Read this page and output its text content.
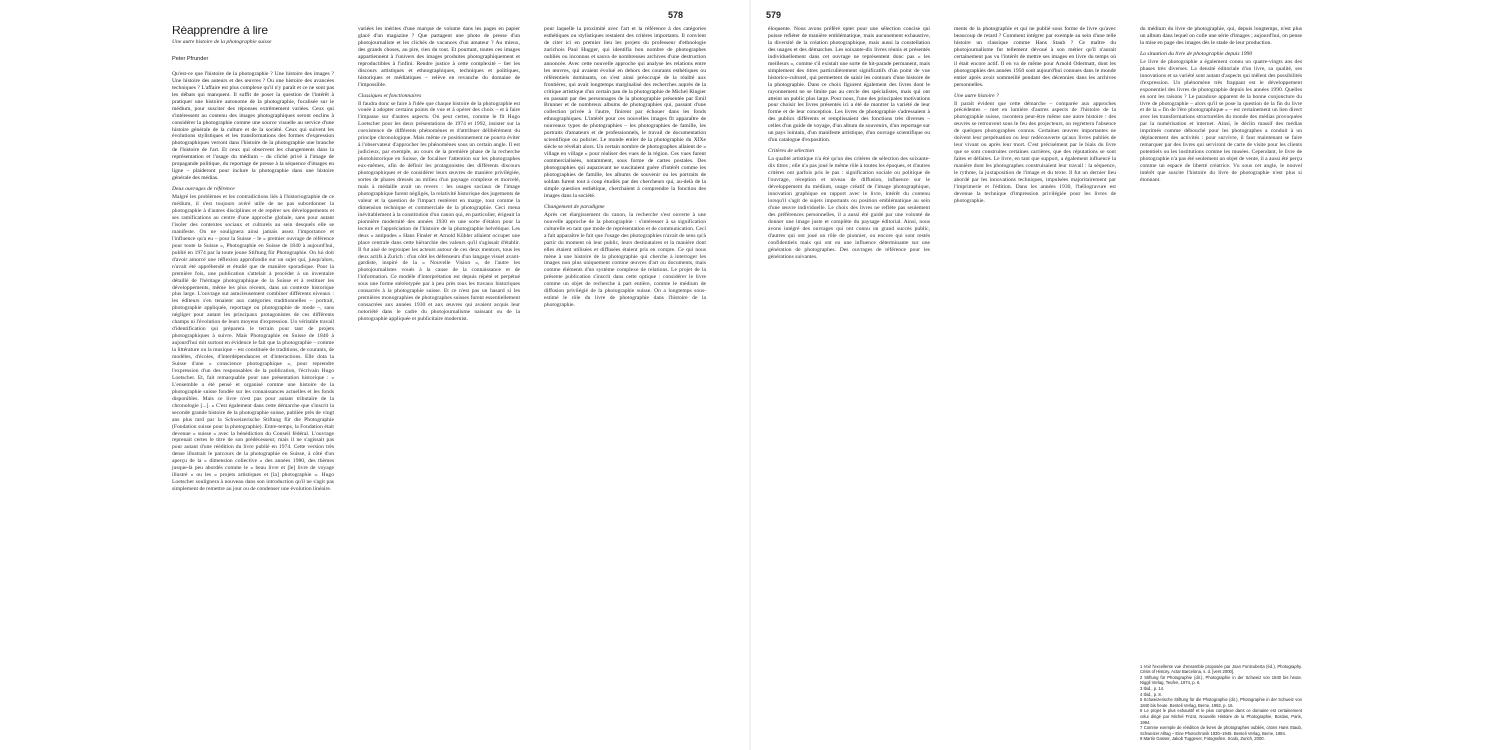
578	579
Réapprendre à lire
Une autre histoire de la photographie suisse
Peter Pfrunder

Qu'est-ce que l'histoire de la photographie ? Une histoire des images ? Une histoire des auteurs et des œuvres ? Ou une histoire des avancées techniques ? L'affaire est plus complexe qu'il n'y paraît et ce ne sont pas les débats qui manquent. Il suffit de poser la question de l'intérêt à pratiquer une histoire autonome de la photographie, focalisée sur le médium, pour susciter des réponses extrêmement variées. Ceux qui s'intéressent au contenu des images photographiques seront enclins à considérer la photographie comme une source visuelle au service d'une histoire générale de la culture et de la société. Ceux qui suivent les évolutions stylistiques et les transformations des formes d'expression photographiques verront dans l'histoire de la photographie une branche de l'histoire de l'art. Et ceux qui observent les changements dans la représentation et l'usage du médium – du cliché privé à l'image de propagande politique, du reportage de presse à la séquence d'images en ligne – plaideront pour inclure la photographie dans une histoire générale des médias.

Deux ouvrages de référence

Malgré les problèmes et les contradictions liés à l'historiographie de ce médium, il s'est toujours avéré utile de ne pas subordonner la photographie à d'autres disciplines et de repérer ses développements et ses ramifications au centre d'une approche globale, sans pour autant l'isoler des contextes sociaux et culturels au sein desquels elle se manifeste. On ne soulignera ainsi jamais assez l'importance et l'influence qu'a eu – pour la Suisse – le « premier ouvrage de référence pour toute la Suisse », Photographie en Suisse de 1840 à aujourd'hui, publié en 1974 par la toute jeune Stiftung für Photographie. On lui doit d'avoir amorcé une réflexion approfondie sur un sujet qui, jusqu'alors, n'avait été appréhendé et étudié que de manière sporadique. Pour la première fois, une publication s'attelait à procéder à un inventaire détaillé de l'héritage photographique de la Suisse et à restituer les développements, même les plus récents, dans un contexte historique plus large. L'ouvrage sut astucieusement combiner différents niveaux : les éditeurs s'en tenaient aux catégories traditionnelles – portrait, photographie appliquée, reportage ou photographie de mode –, sans négliger pour autant les principaux protagonistes de ces différents champs ni l'évolution de leurs moyens d'expression. Un véritable travail d'identification qui préparera le terrain pour tant de projets photographiques à suivre. Mais Photographie en Suisse de 1840 à aujourd'hui mit surtout en évidence le fait que la photographie – comme la littérature ou la musique – est constituée de traditions, de courants, de modèles, d'écoles, d'interdépendances et d'interactions. Elle dota la Suisse d'une « conscience photographique », pour reprendre l'expression d'un des responsables de la publication, l'écrivain Hugo Loetscher. Et, fait remarquable pour une présentation historique : « L'ensemble a été pensé et organisé comme une histoire de la photographie suisse fondée sur les connaissances actuelles et les fonds disponibles. Mais ce livre n'est pas pour autant tributaire de la chronologie [...]. » C'est également dans cette démarche que s'inscrit la seconde grande histoire de la photographie suisse, publiée près de vingt ans plus tard par la Schweizerische Stiftung für die Photographie (Fondation suisse pour la photographie). Entre-temps, la Fondation était devenue « suisse » avec la bénédiction du Conseil fédéral. L'ouvrage reprenait certes le titre de son prédécesseur, mais il ne s'agissait pas pour autant d'une réédition du livre publié en 1974. Cette version très dense illustrait le parcours de la photographie en Suisse, à côté d'un aperçu de la « dimension collective » des années 1980, des thèmes jusque-là peu abordés comme le « beau livre et [le] livre de voyage illustré » ou les « projets artistiques et [la] photographie ». Hugo Loetscher soulignera à nouveau dans son introduction qu'il ne s'agit pas simplement de remettre au jour ou de condenser une évolution linéaire.

variées les mérites d'une marque de volume dans les pages en papier glacé d'un magazine ? Que partagent une photo de presse d'un photojournaliste et les clichés de vacances d'un amateur ? Au mieux, des grands choses, au pire, rien du tout. Et pourtant, toutes ces images appartiennent à l'univers des images produites photographiquement et reproductibles à l'infini. Rendre justice à cette complexité – lier les discours artistiques et ethnographiques, techniques et politiques, historiques et médiatiques – relève en revanche du domaine de l'impossible.

Classiques et fonctionnaires

Il faudra donc se faire à l'idée que chaque histoire de la photographie est vouée à adopter certains points de vue et à opérer des choix – et à faire l'impasse sur d'autres aspects. On peut certes, comme le fit Hugo Loetscher pour les deux présentations de 1974 et 1992, insister sur la coexistence de différents phénomènes et d'attribuer délibérément du principe chronologique. Mais même ce positionnement ne pourra éviter à l'observateur d'approcher les phénomènes sous un certain angle. Il est judicieux, par exemple, au cours de la première phase de la recherche photohistorique en Suisse, de focaliser l'attention sur les photographes eux-mêmes, afin de définir les protagonistes des différents discours photographiques et de considérer leurs œuvres de manière privilégiée, sortes de phares dressés au milieu d'un paysage complexe et morcelé, mais à médaille avait un revers : les usages sociaux de l'image photographique furent négligés, la relativité historique des jugements de valeur et la question de l'impact restèrent en marge, tout comme la dimension technique et commerciale de la photographie. Ceci mena inévitablement à la constitution d'un canon qui, en particulier, érigeait la pionnière modernité des années 1930 en une sorte d'étalon pour la lecture et l'appréciation de l'histoire de la photographie helvétique. Les deux « antipodes » Hans Finsler et Arnold Kübler allaient occuper une place centrale dans cette hiérarchie des valeurs qu'il s'agissait d'établir. Il fut aisé de regrouper les acteurs autour de ces deux mentors, tous les deux actifs à Zurich : d'un côté les défenseurs d'un langage visuel avant-gardiste, inspiré de la « Nouvelle Vision », de l'autre les photojournalistes voués à la cause de la connaissance et de l'information. Ce modèle d'interprétation est depuis répété et perpétué sous une forme stéréotypée par à peu près tous les travaux historiques consacrés à la photographie suisse. Et ce n'est pas un hasard si les premières monographies de photographes suisses furent essentiellement consacrées aux années 1930 et aux œuvres qui avaient acquis leur notoriété dans le cadre du photojournalisme naissant ou de la photographie appliquée et publicitaire modernist.

pour laquelle la proximité avec l'art et la référence à des catégories esthétiques ou stylistiques restaient des critères importants. Il convient de citer ici en premier lieu les projets du professeur d'ethnologie zurichois Paul Hugger, qui identifia bon nombre de photographes oubliés ou inconnus et sauva de nombreuses archives d'une destruction annoncée. Avec cette nouvelle approche qui analyse les relations entre les œuvres, qui avaient évolué en dehors des courants esthétiques ou référentiels dominants, on s'est ainsi préoccupé de la réalité aux frontières, qui avait longtemps marginalisé des recherches auprès de la critique artistique d'un certain pan de la photographie de Michel Ringier en passant par des personnages de la photographie présentée par Emil Brunner et de nombreux albums de photographies qui, passant d'une collection privée à l'autre, finirent par échouer dans les fonds ethnographiques. L'intérêt pour ces nouvelles images fit apparaître de nouveaux types de photographies – les photographies de famille, les portraits d'amateurs et de professionnels, le travail de documentation scientifique ou policier. Le monde entier de la photographie du XIXe siècle se révélait alors. Un certain nombre de photographes allaient de « village en village » pour réaliser des vues de la région. Ces vues furent commercialisées, notamment, sous forme de cartes postales. Des photographies qui auparavant ne suscitaient guère d'intérêt comme les photographies de famille, les albums de souvenir ou les portraits de soldats furent tout à coup étudiés par des chercheurs qui, au-delà de la simple question esthétique, cherchaient à comprendre la fonction des images dans la société.

Changement de paradigme

Après cet élargissement du canon, la recherche s'est ouverte à une nouvelle approche de la photographie : s'intéresser à sa signification culturelle en tant que mode de représentation et de communication. Ceci a fait apparaître le fait que l'usage des photographies n'avait de sens qu'à partir du moment où leur public, leurs destinataires et la manière dont elles étaient utilisées et diffusées étaient pris en compte. Ce qui nous mène à une histoire de la photographie qui cherche à interroger les images non plus uniquement comme œuvres d'art ou documents, mais comme éléments d'un système complexe de relations. Le projet de la présente publication s'inscrit dans cette optique : considérer le livre comme un objet de recherche à part entière, comme le médium de diffusion privilégié de la photographie suisse. On a longtemps sous-estimé le rôle du livre de photographie dans l'histoire de la photographie.

éloquente. Nous avons préféré opter pour une sélection concise qui puisse refléter de manière emblématique, mais aucunement exhaustive, la diversité de la création photographique, mais aussi la constellation des usages et des démarches. Les soixante-dix livres réunis et présentés individuellement dans cet ouvrage ne représentent donc pas « les meilleurs », comme s'il existait une sorte de hit-parade permanent, mais simplement des titres particulièrement significatifs d'un point de vue historico-culturel, qui permettent de saisir les contours d'une histoire de la photographie. Dans ce choix figurent également des livres dont le rayonnement ne se limite pas au cercle des spécialistes, mais qui ont atteint un public plus large. Pour nous, l'une des principales motivations pour choisir les livres présentés ici a été de montrer la variété de leur forme et de leur conception. Les livres de photographie s'adressaient à des publics différents et remplissaient des fonctions très diverses – celles d'un guide de voyage, d'un album de souvenirs, d'un reportage sur un pays lointain, d'un manifeste artistique, d'un ouvrage scientifique ou d'un catalogue d'exposition.

Critères de sélection

La qualité artistique n'a été qu'un des critères de sélection des soixante-dix titres ; elle n'a pas joué le même rôle à toutes les époques, et d'autres critères ont parfois pris le pas : signification sociale ou politique de l'ouvrage, réception et niveau de diffusion, influence sur le développement du médium, usage créatif de l'image photographique, innovation graphique en rapport avec le livre, intérêt du contenu lorsqu'il s'agit de sujets importants ou position emblématique au sein d'une œuvre individuelle. Le choix des livres ne reflète pas seulement des préférences personnelles, il a aussi été guidé par une volonté de donner une image juste et complète du paysage éditorial. Ainsi, nous avons intégré des ouvrages qui ont connu un grand succès public, d'autres qui ont joué un rôle de pionnier, ou encore qui sont restés confidentiels mais qui ont eu une influence déterminante sur une génération de photographes. Des ouvrages de référence pour les générations suivantes.

ments de la photographie et qui ne publié sous forme de livre qu'avec beaucoup de retard ? Comment intégrer par exemple au sein d'une telle histoire un classique comme Hans Staub ? Ce maître du photojournalisme fut tellement dévoué à son métier qu'il n'aurait certainement pas vu l'intérêt de mettre ses images en livre du temps où il était encore actif. Il en va de même pour Arnold Odermatt, dont les photographies des années 1950 sont aujourd'hui connues dans le monde entier après avoir sommeillé pendant des décennies dans les archives personnelles.

Une autre histoire ?

Il paraît évident que cette démarche – comparée aux approches précédentes – met en lumière d'autres aspects de l'histoire de la photographie suisse, racontera peut-être même une autre histoire : des œuvres se retrouvent sous le feu des projecteurs, on regrettera l'absence de quelques photographes connus. Certaines œuvres importantes ne doivent leur perpétuation ou leur redécouverte qu'aux livres publiés de leur vivant ou après leur mort. C'est précisément par le biais du livre que se sont construites certaines carrières, que des réputations se sont faites et défaites. Le livre, en tant que support, a également influencé la manière dont les photographes construisaient leur travail : la séquence, le rythme, la juxtaposition de l'image et du texte. Il fut un dernier lieu abordé par les innovations techniques, impulsées majoritairement par l'imprimerie et l'édition. Dans les années 1930, l'héliogravure est devenue la technique d'impression privilégiée pour les livres de photographie.

du médium du livre de photographie, qui, depuis longtemps, n'est plus un album dans lequel on colle une série d'images ; aujourd'hui, on pense la mise en page des images dès le stade de leur production.

La situation du livre de photographie depuis 1990

Le livre de photographie a également connu un quatre-vingts ans des phases très diverses. La densité éditoriale d'un livre, sa qualité, ses innovations et sa variété sont autant d'aspects qui mêlent des possibilités d'expression. Un phénomène très frappant est le développement exponentiel des livres de photographie depuis les années 1990. Quelles en sont les raisons ? Le paradoxe apparent de la bonne conjoncture du livre de photographie – alors qu'il se pose la question de la fin du livre et de la « fin de l'ère photographique » – est certainement un lien direct avec les transformations structurelles du monde des médias provoquées par la numérisation et internet. Ainsi, le déclin massif des médias imprimés comme débouché pour les photographes a conduit à un déplacement des activités : pour survivre, il faut maintenant se faire remarquer par des livres qui serviront de carte de visite pour les clients potentiels ou les institutions comme les musées. Cependant, le livre de photographie n'a pas été seulement un objet de vente, il a aussi été perçu comme un espace de liberté créatrice. Vu sous cet angle, le nouvel intérêt que suscite l'histoire du livre de photographie n'est plus si étonnant.

1 Voir l'excellente vue d'ensemble proposée par Joan Fontcuberta (éd.), Photography. Crisis of History. Actar Barcelona, s. d. [vers 2000].
2 Stiftung für Photographie (dir.), Photographie in der Schweiz von 1840 bis heute. Niggli Verlag, Teufen, 1974, p. 6.
3 Ibid., p. 14.
4 Ibid., p. 8.
5 Schweizerische Stiftung für die Photographie (dir.), Photographie in der Schweiz von 1840 bis heute. Benteli Verlag, Berne, 1992, p. 16.
6 Le projet le plus exhaustif et le plus complexe dans ce domaine est certainement celui dirigé par Michel Frizot, Nouvelle Histoire de la Photographie, Bordas, Paris, 1994.
7 Comme exemple de réédition de livres de photographes oubliés, citons Hans Staub, Schweizer Alltag – Eine Photochronik 1930–1945. Benteli Verlag, Berne, 1984.
8 Martin Gasser, Jakob Tuggener, Fotografien. Scalo, Zurich, 2000.
